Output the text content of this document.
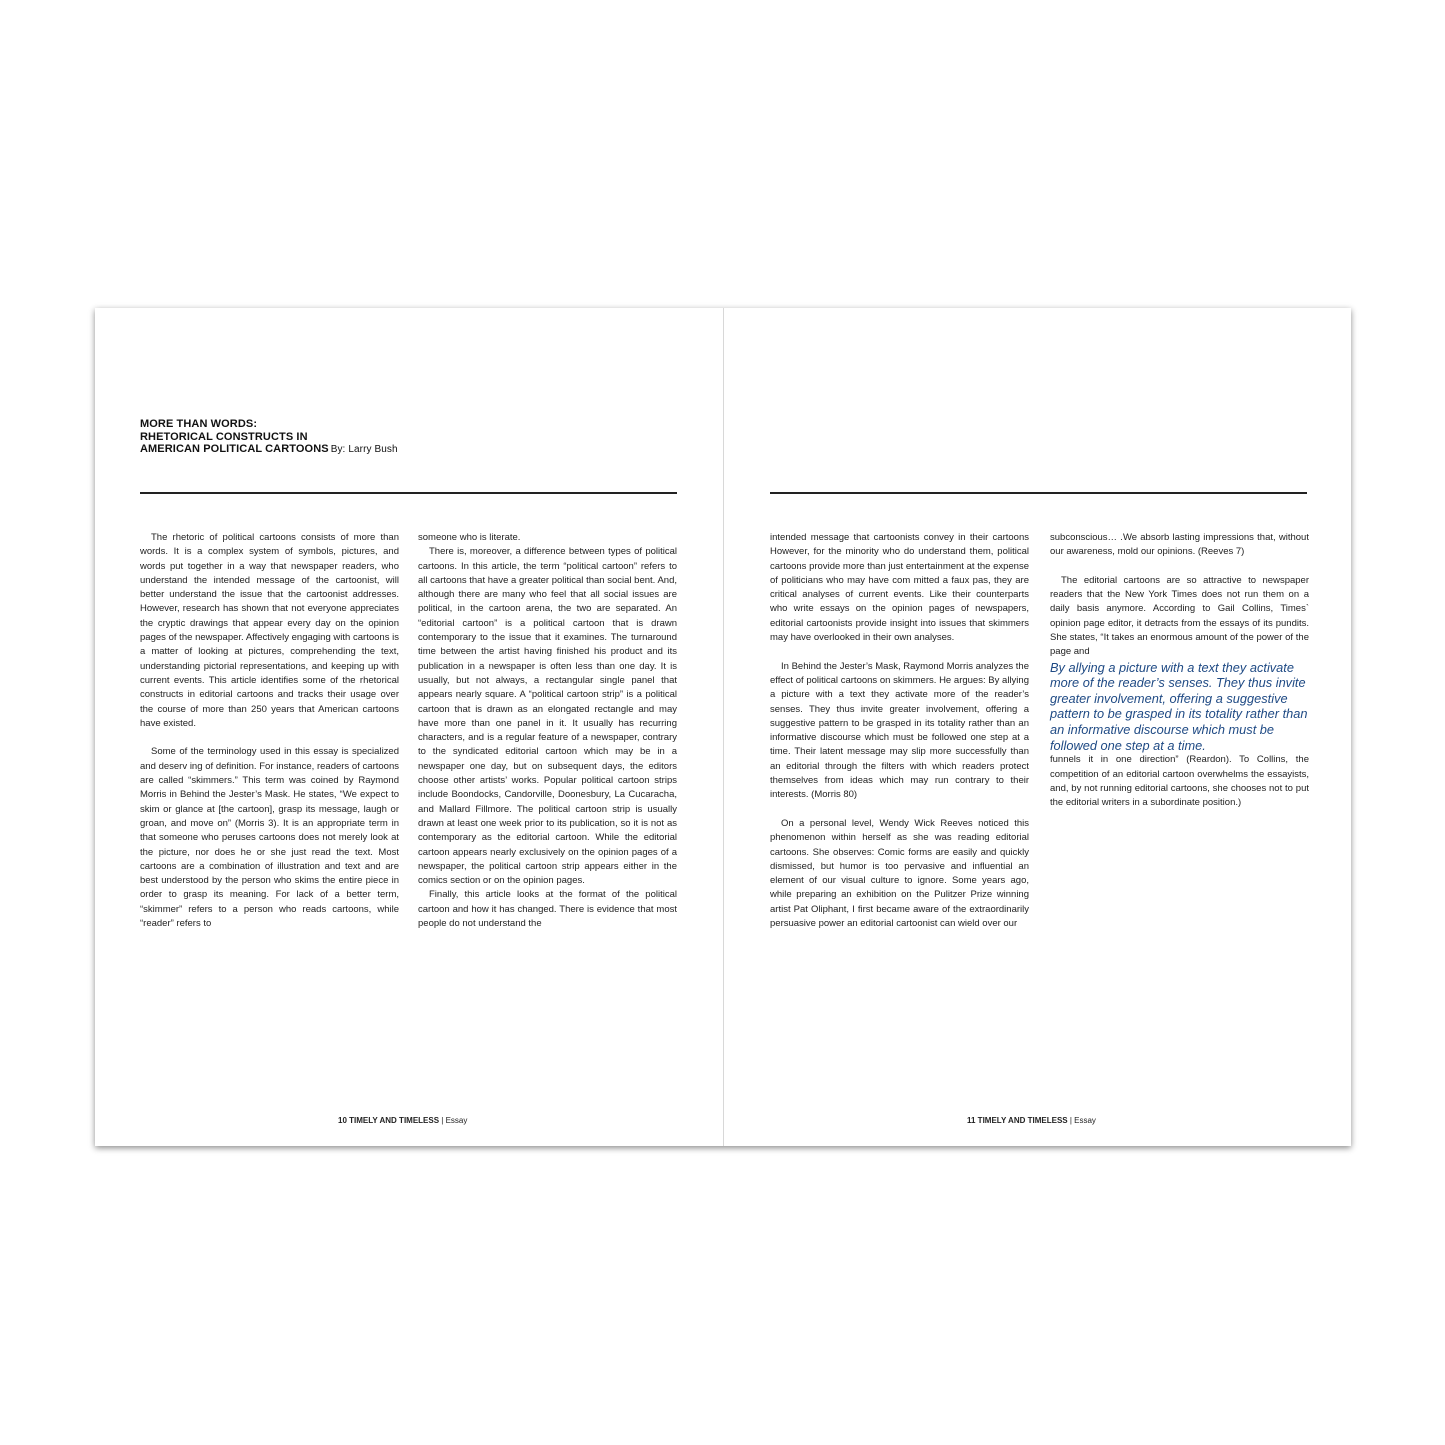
MORE THAN WORDS:
RHETORICAL CONSTRUCTS IN
AMERICAN POLITICAL CARTOONS By: Larry Bush

The rhetoric of political cartoons consists of more than words. It is a complex system of symbols, pictures, and words put together in a way that newspaper readers, who understand the intended message of the cartoonist, will better understand the issue that the cartoonist addresses. However, research has shown that not everyone appreciates the cryptic drawings that appear every day on the opinion pages of the newspaper. Affectively engaging with cartoons is a matter of looking at pictures, comprehending the text, understanding pictorial representations, and keeping up with current events. This article identifies some of the rhetorical constructs in editorial cartoons and tracks their usage over the course of more than 250 years that American cartoons have existed.

Some of the terminology used in this essay is specialized and deserv ing of definition. For instance, readers of cartoons are called “skimmers.” This term was coined by Raymond Morris in Behind the Jester’s Mask. He states, “We expect to skim or glance at [the cartoon], grasp its message, laugh or groan, and move on” (Morris 3). It is an appropriate term in that someone who peruses cartoons does not merely look at the picture, nor does he or she just read the text. Most cartoons are a combination of illustration and text and are best understood by the person who skims the entire piece in order to grasp its meaning. For lack of a better term, “skimmer” refers to a person who reads cartoons, while “reader” refers to

someone who is literate.

There is, moreover, a difference between types of political cartoons. In this article, the term “political cartoon” refers to all cartoons that have a greater political than social bent. And, although there are many who feel that all social issues are political, in the cartoon arena, the two are separated. An “editorial cartoon” is a political cartoon that is drawn contemporary to the issue that it examines. The turnaround time between the artist having finished his product and its publication in a newspaper is often less than one day. It is usually, but not always, a rectangular single panel that appears nearly square. A “political cartoon strip” is a political cartoon that is drawn as an elongated rectangle and may have more than one panel in it. It usually has recurring characters, and is a regular feature of a newspaper, contrary to the syndicated editorial cartoon which may be in a newspaper one day, but on subsequent days, the editors choose other artists’ works. Popular political cartoon strips include Boondocks, Candorville, Doonesbury, La Cucaracha, and Mallard Fillmore. The political cartoon strip is usually drawn at least one week prior to its publication, so it is not as contemporary as the editorial cartoon. While the editorial cartoon appears nearly exclusively on the opinion pages of a newspaper, the political cartoon strip appears either in the comics section or on the opinion pages.

Finally, this article looks at the format of the political cartoon and how it has changed. There is evidence that most people do not understand the

10 TIMELY AND TIMELESS | Essay

intended message that cartoonists convey in their cartoons However, for the minority who do understand them, political cartoons provide more than just entertainment at the expense of politicians who may have com mitted a faux pas, they are critical analyses of current events. Like their counterparts who write essays on the opinion pages of newspapers, editorial cartoonists provide insight into issues that skimmers may have overlooked in their own analyses.

In Behind the Jester’s Mask, Raymond Morris analyzes the effect of political cartoons on skimmers. He argues: By allying a picture with a text they activate more of the reader’s senses. They thus invite greater involvement, offering a suggestive pattern to be grasped in its totality rather than an informative discourse which must be followed one step at a time. Their latent message may slip more successfully than an editorial through the filters with which readers protect themselves from ideas which may run contrary to their interests. (Morris 80)

On a personal level, Wendy Wick Reeves noticed this phenomenon within herself as she was reading editorial cartoons. She observes: Comic forms are easily and quickly dismissed, but humor is too pervasive and influential an element of our visual culture to ignore. Some years ago, while preparing an exhibition on the Pulitzer Prize winning artist Pat Oliphant, I first became aware of the extraordinarily persuasive power an editorial cartoonist can wield over our

subconscious… .We absorb lasting impressions that, without our awareness, mold our opinions. (Reeves 7)

The editorial cartoons are so attractive to newspaper readers that the New York Times does not run them on a daily basis anymore. According to Gail Collins, Times` opinion page editor, it detracts from the essays of its pundits. She states, “It takes an enormous amount of the power of the page and

By allying a picture with a text they activate more of the reader’s senses. They thus invite greater involvement, offering a suggestive pattern to be grasped in its totality rather than an informative discourse which must be followed one step at a time.

funnels it in one direction” (Reardon). To Collins, the competition of an editorial cartoon overwhelms the essayists, and, by not running editorial cartoons, she chooses not to put the editorial writers in a subordinate position.)

11 TIMELY AND TIMELESS | Essay
